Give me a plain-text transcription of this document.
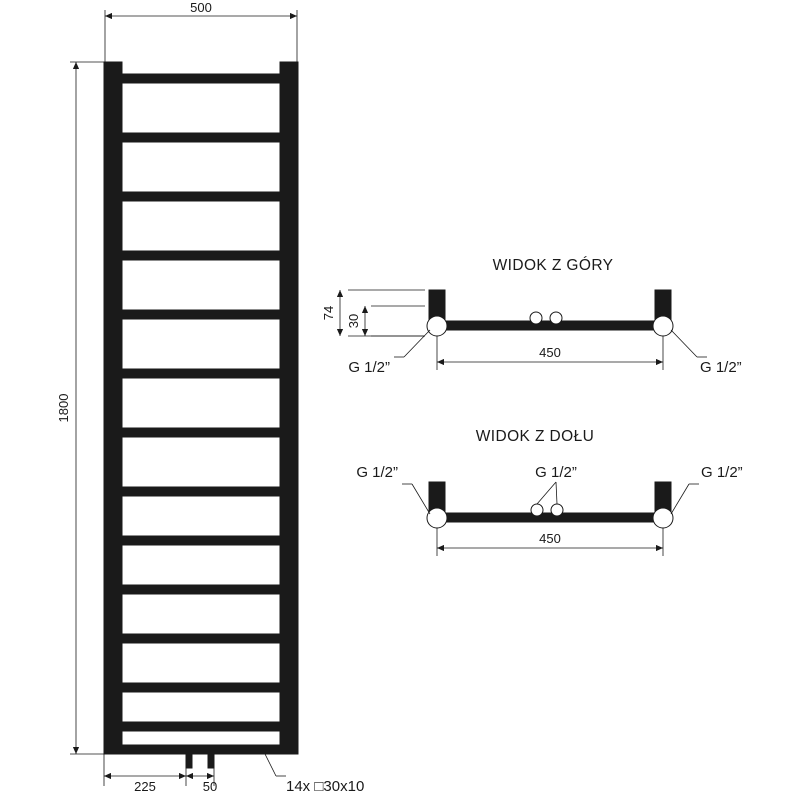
500
1800
225	50	14x □30x10
WIDOK Z GÓRY
74
30
450
G 1/2”	G 1/2”
WIDOK Z DOŁU
450
G 1/2”	G 1/2”
G 1/2”
